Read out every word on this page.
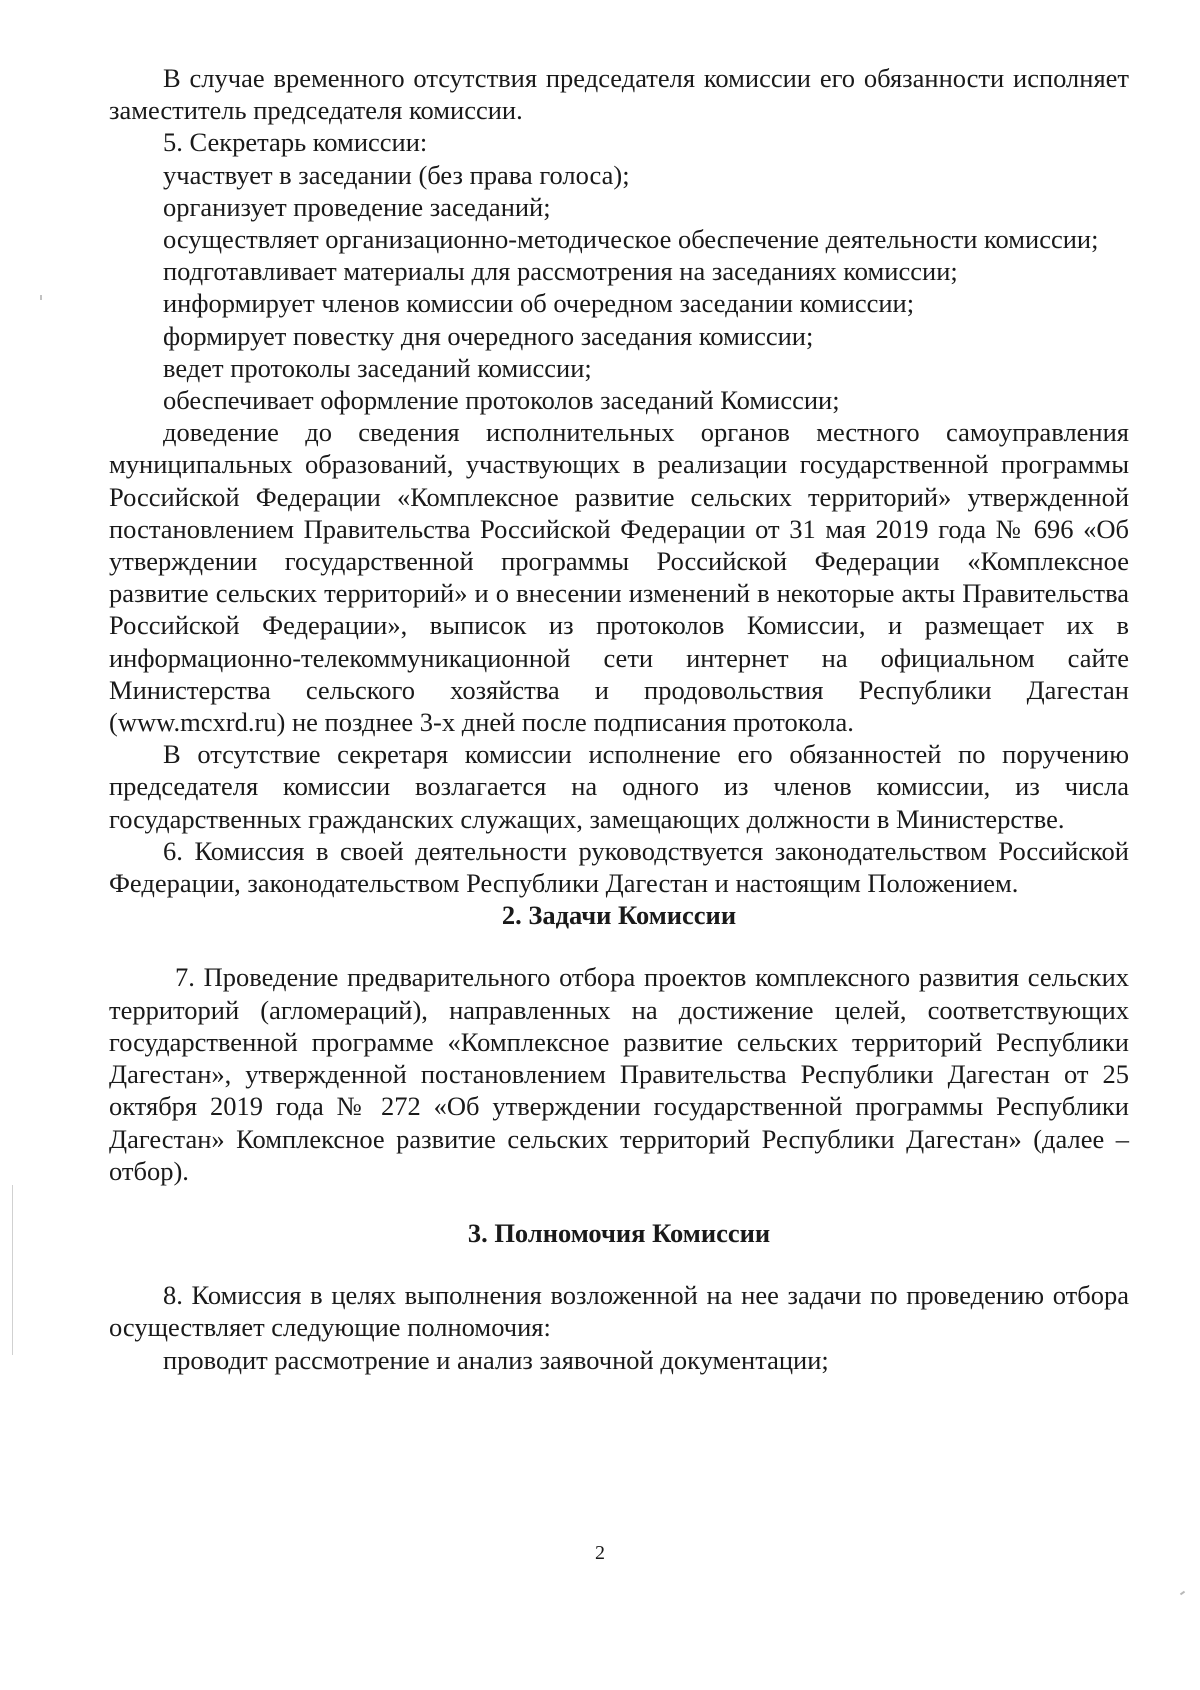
В случае временного отсутствия председателя комиссии его обязанности исполняет заместитель председателя комиссии.

5. Секретарь комиссии:

участвует в заседании (без права голоса);

организует проведение заседаний;

осуществляет организационно-методическое обеспечение деятельности комиссии;

подготавливает материалы для рассмотрения на заседаниях комиссии;

информирует членов комиссии об очередном заседании комиссии;

формирует повестку дня очередного заседания комиссии;

ведет протоколы заседаний комиссии;

обеспечивает оформление протоколов заседаний Комиссии;

доведение до сведения исполнительных органов местного самоуправления муниципальных образований, участвующих в реализации государственной программы Российской Федерации «Комплексное развитие сельских территорий» утвержденной постановлением Правительства Российской Федерации от 31 мая 2019 года № 696 «Об утверждении государственной программы Российской Федерации «Комплексное развитие сельских территорий» и о внесении изменений в некоторые акты Правительства Российской Федерации», выписок из протоколов Комиссии, и размещает их в информационно-телекоммуникационной сети интернет на официальном сайте Министерства сельского хозяйства и продовольствия Республики Дагестан (www.mcxrd.ru) не позднее 3-х дней после подписания протокола.

В отсутствие секретаря комиссии исполнение его обязанностей по поручению председателя комиссии возлагается на одного из членов комиссии, из числа государственных гражданских служащих, замещающих должности в Министерстве.

6. Комиссия в своей деятельности руководствуется законодательством Российской Федерации, законодательством Республики Дагестан и настоящим Положением.

2. Задачи Комиссии

7. Проведение предварительного отбора проектов комплексного развития сельских территорий (агломераций), направленных на достижение целей, соответствующих государственной программе «Комплексное развитие сельских территорий Республики Дагестан», утвержденной постановлением Правительства Республики Дагестан от 25 октября 2019 года № 272 «Об утверждении государственной программы Республики Дагестан» Комплексное развитие сельских территорий Республики Дагестан» (далее – отбор).

3. Полномочия Комиссии

8. Комиссия в целях выполнения возложенной на нее задачи по проведению отбора осуществляет следующие полномочия:

проводит рассмотрение и анализ заявочной документации;

2
